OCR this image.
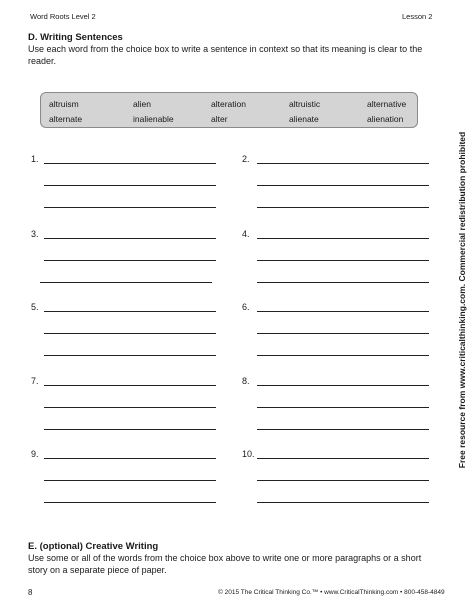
Word Roots Level 2	Lesson 2
D. Writing Sentences
Use each word from the choice box to write a sentence in context so that its meaning is clear to the reader.
altruism	alien	alteration	altruistic	alternative
alternate	inalienable	alter	alienate	alienation
1.	2.
3.	4.
5.	6.
7.	8.
9.	10.
E. (optional) Creative Writing
Use some or all of the words from the choice box above to write one or more paragraphs or a short story on a separate piece of paper.
8	© 2015 The Critical Thinking Co.™ • www.CriticalThinking.com • 800-458-4849
Free resource from www.criticalthinking.com. Commercial redistribution prohibited
